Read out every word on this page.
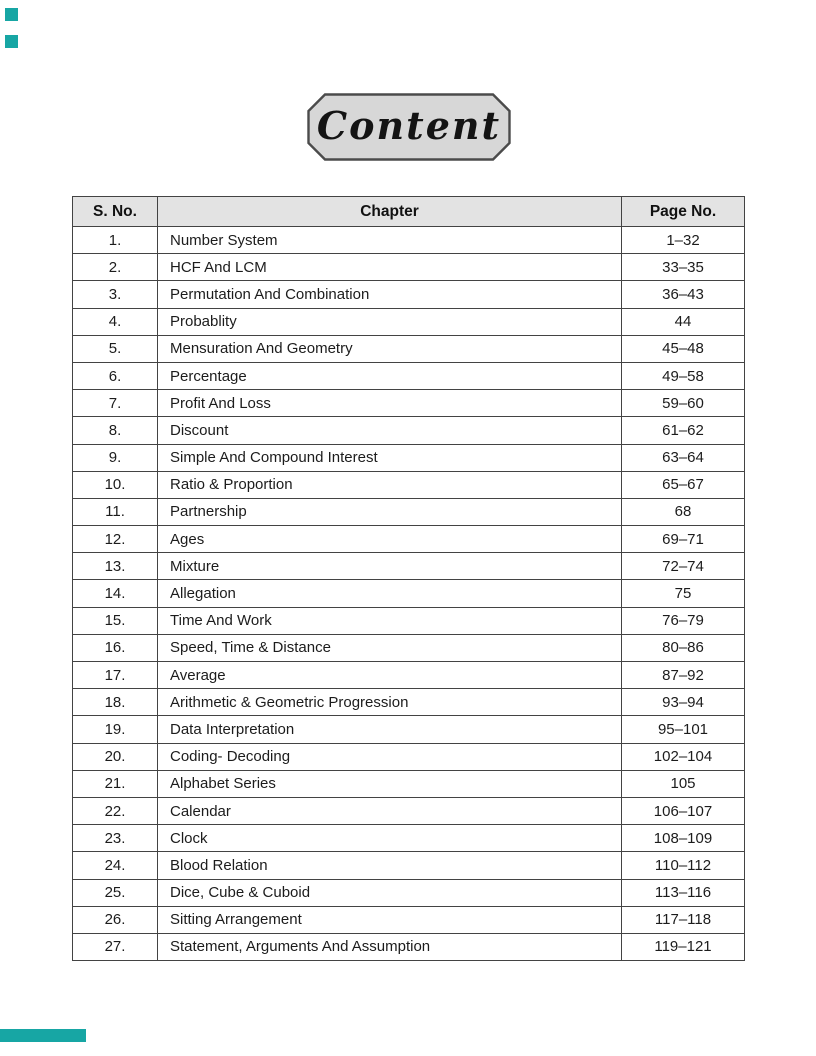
Content
S. No.	Chapter	Page No.
1.	Number System	1–32
2.	HCF And LCM	33–35
3.	Permutation And Combination	36–43
4.	Probablity	44
5.	Mensuration And Geometry	45–48
6.	Percentage	49–58
7.	Profit And Loss	59–60
8.	Discount	61–62
9.	Simple And Compound Interest	63–64
10.	Ratio & Proportion	65–67
11.	Partnership	68
12.	Ages	69–71
13.	Mixture	72–74
14.	Allegation	75
15.	Time And Work	76–79
16.	Speed, Time & Distance	80–86
17.	Average	87–92
18.	Arithmetic & Geometric Progression	93–94
19.	Data Interpretation	95–101
20.	Coding- Decoding	102–104
21.	Alphabet Series	105
22.	Calendar	106–107
23.	Clock	108–109
24.	Blood Relation	110–112
25.	Dice, Cube & Cuboid	113–116
26.	Sitting Arrangement	117–118
27.	Statement, Arguments And Assumption	119–121
